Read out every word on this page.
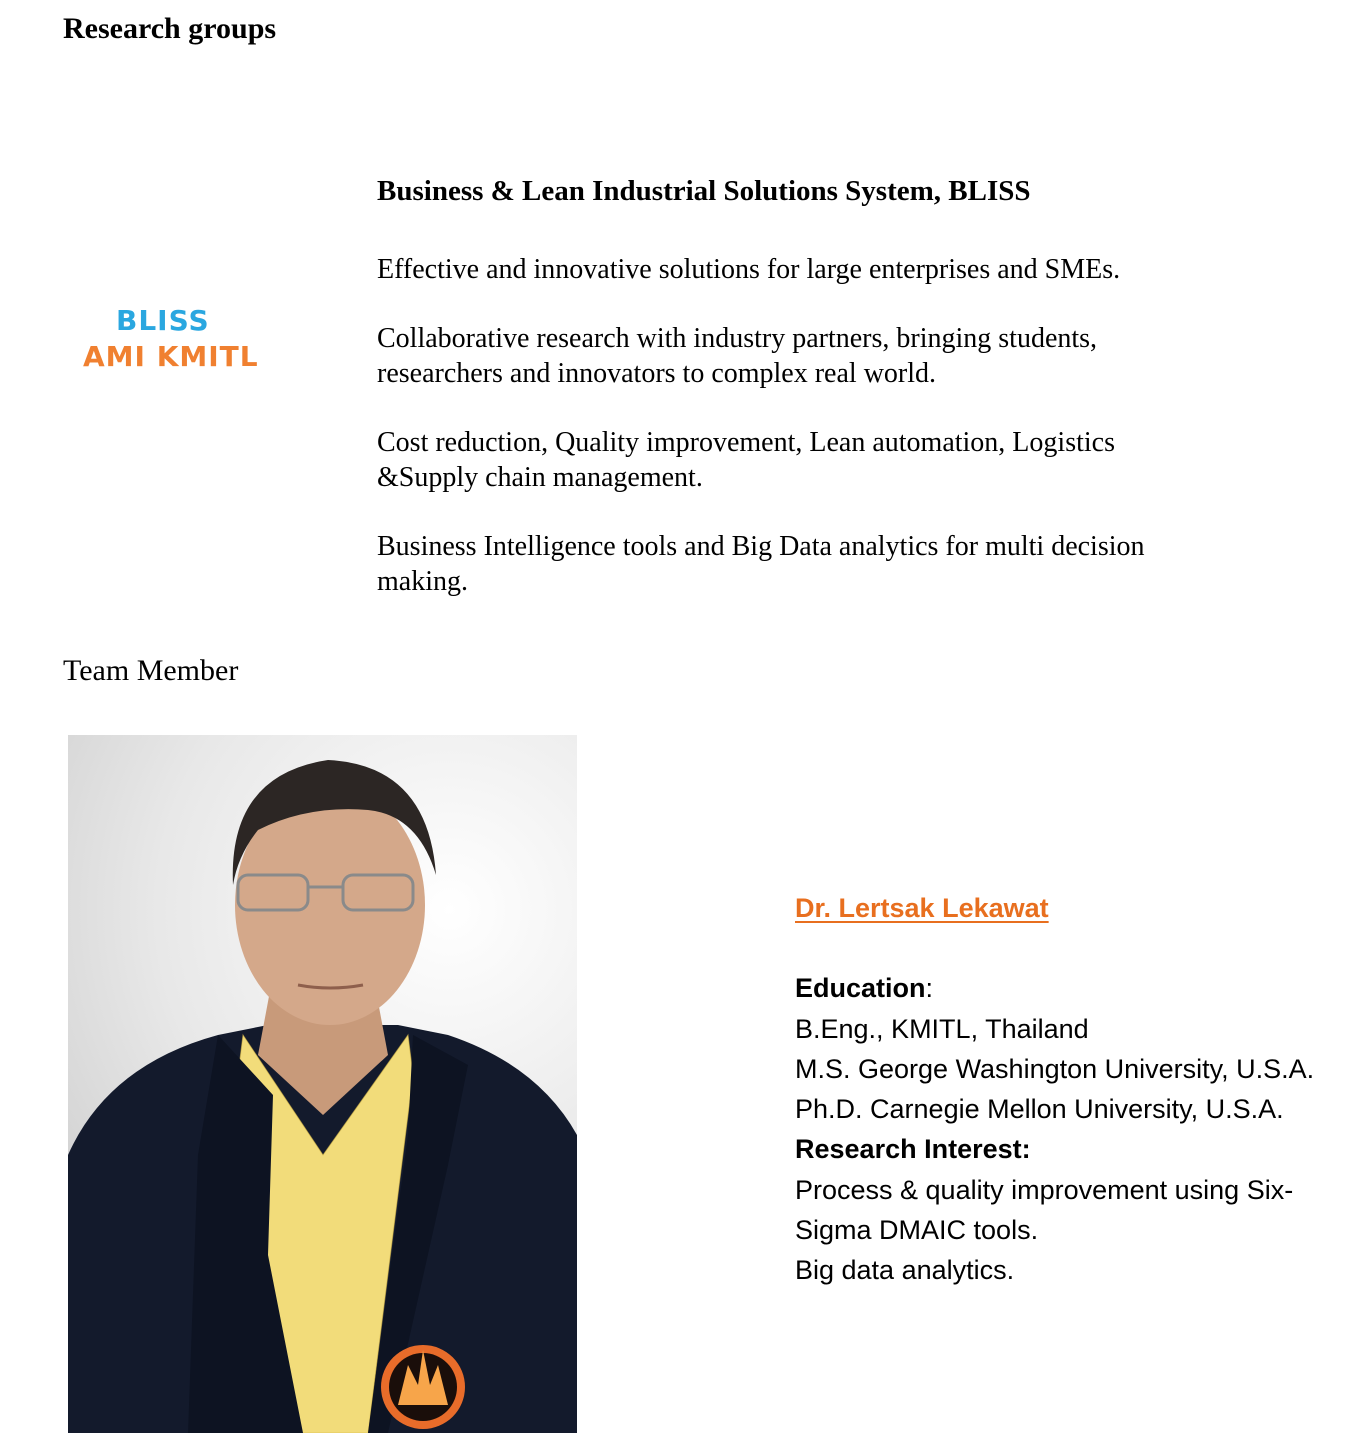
Research groups
BLISS
AMI KMITL
Business & Lean Industrial Solutions System, BLISS

Effective and innovative solutions for large enterprises and SMEs.

Collaborative research with industry partners, bringing students, researchers and innovators to complex real world.

Cost reduction, Quality improvement, Lean automation, Logistics &Supply chain management.

Business Intelligence tools and Big Data analytics for multi decision making.

Team Member
Dr. Lertsak Lekawat
Education:
B.Eng., KMITL, Thailand
M.S. George Washington University, U.S.A.
Ph.D. Carnegie Mellon University, U.S.A.
Research Interest:
Process & quality improvement using Six-
Sigma DMAIC tools.
Big data analytics.
